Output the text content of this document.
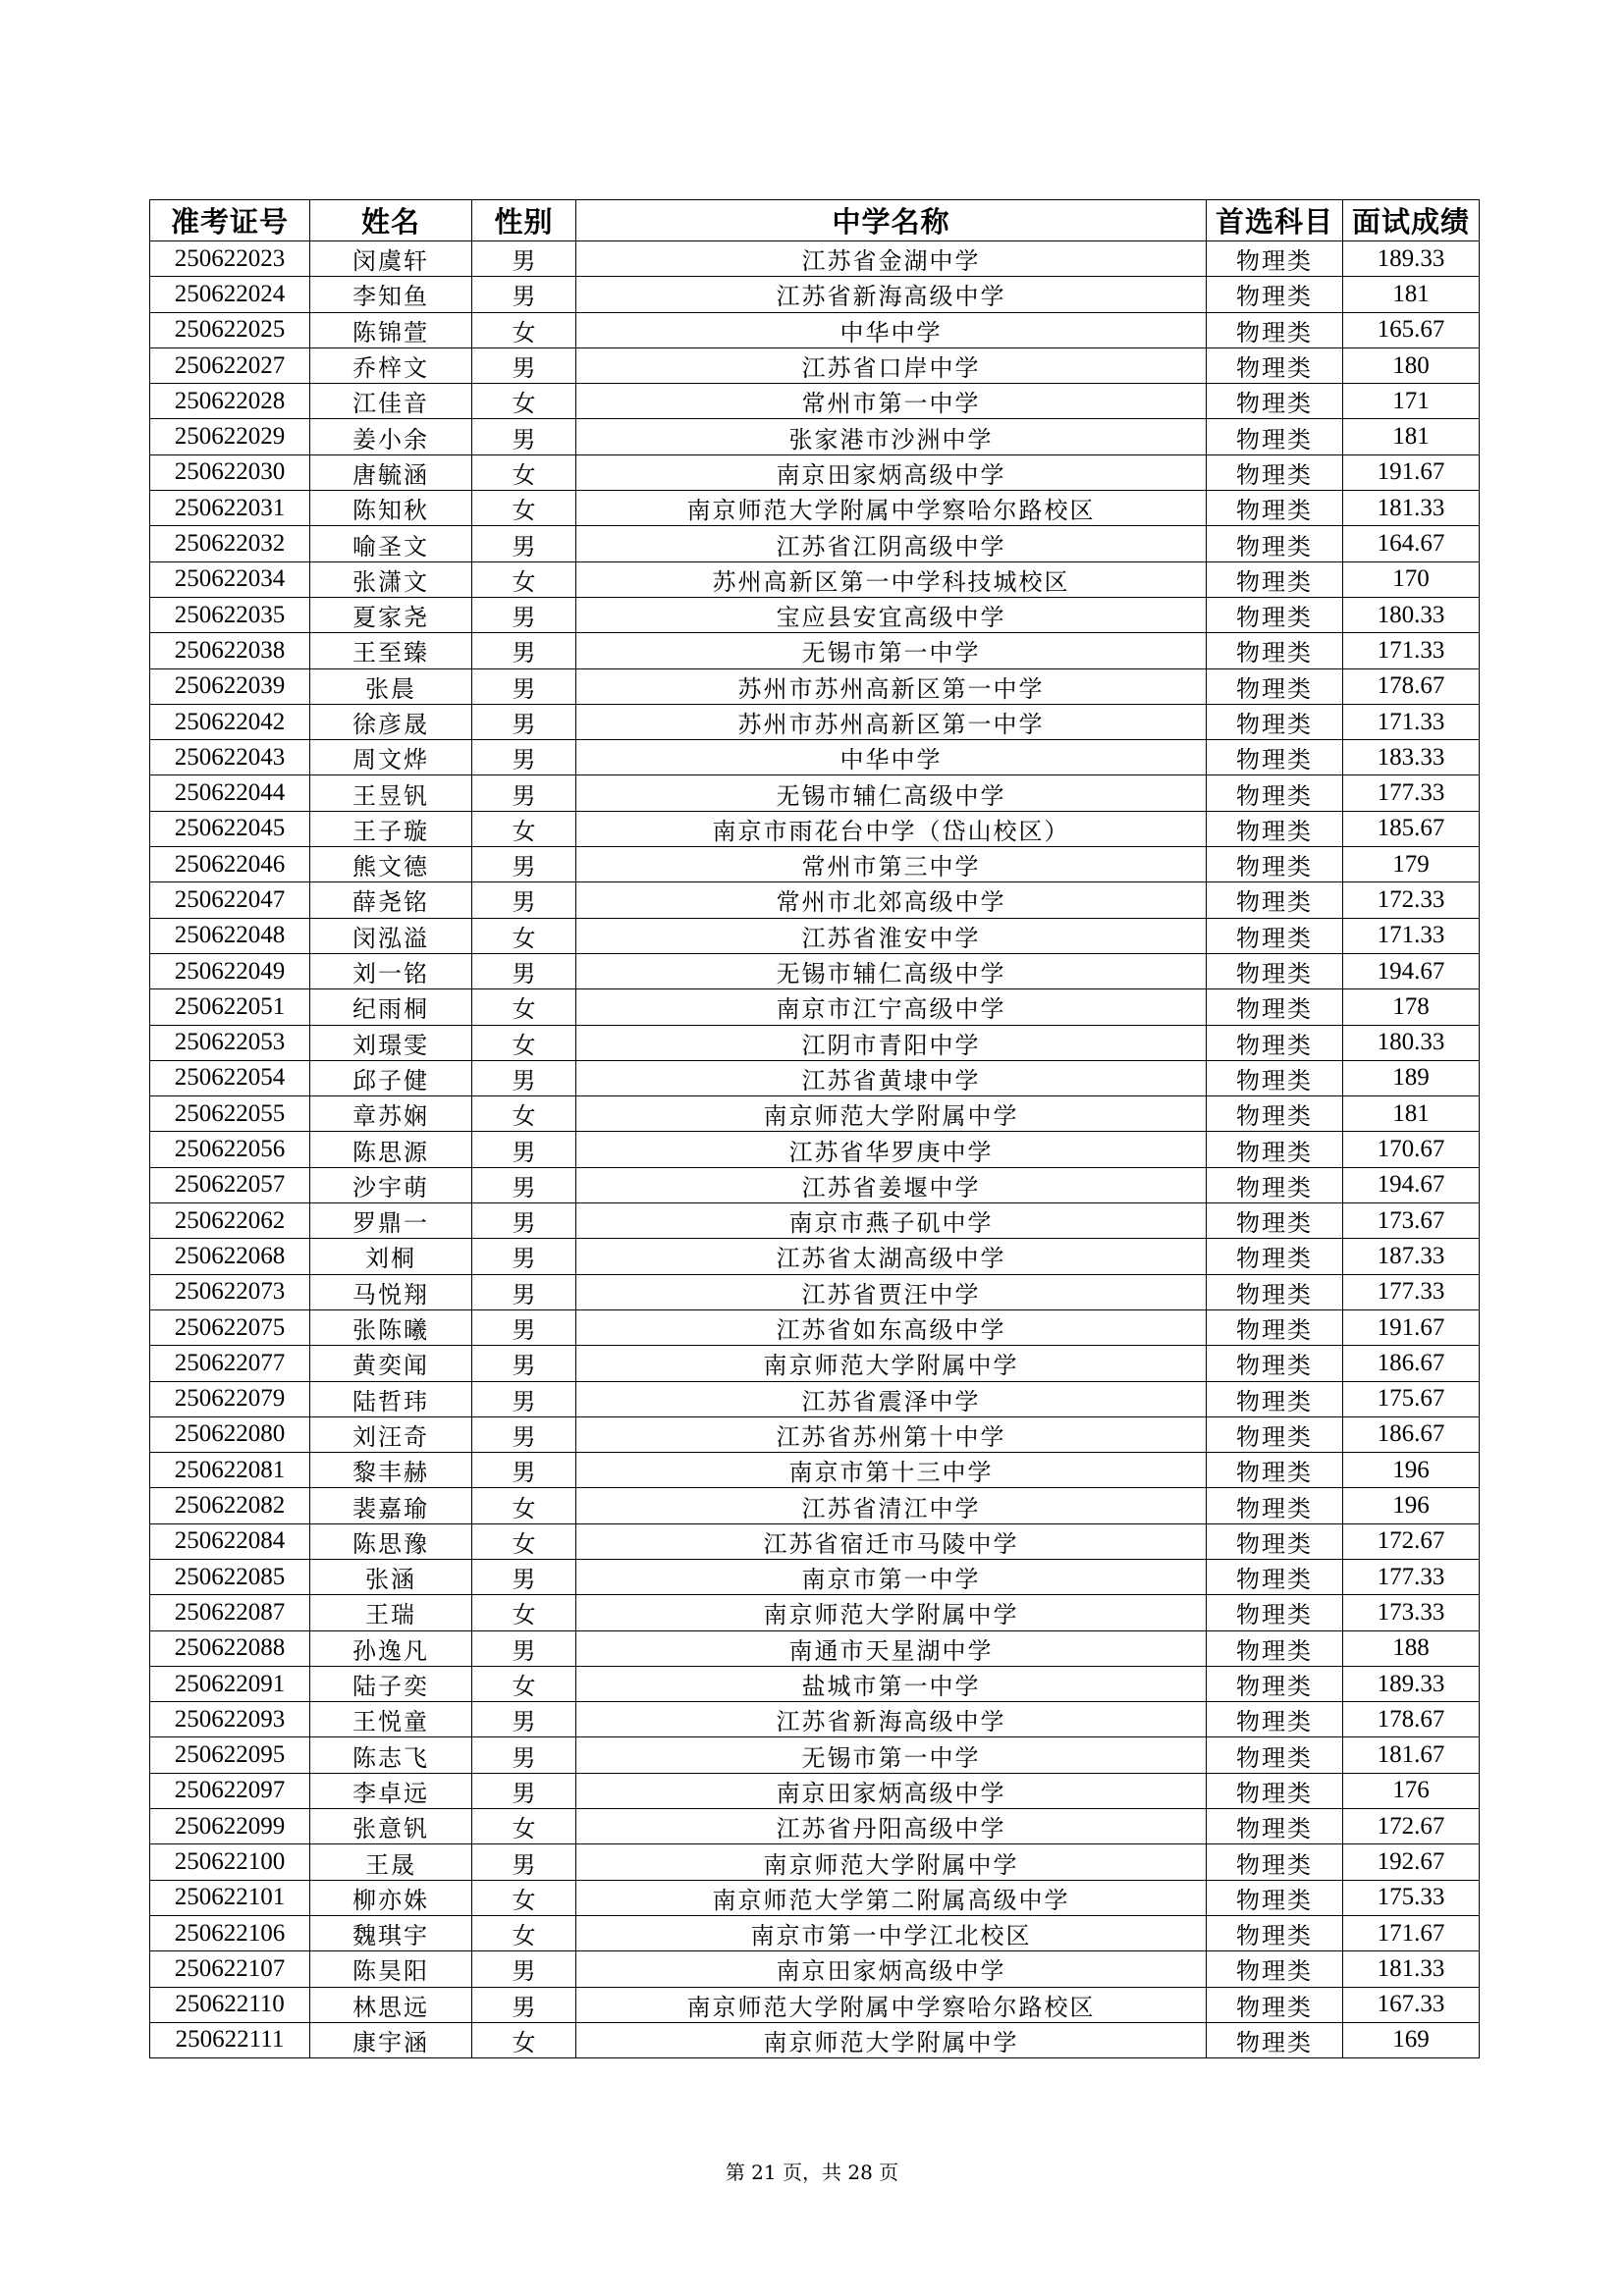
准考证号	姓名	性别	中学名称	首选科目	面试成绩
250622023	闵虞轩	男	江苏省金湖中学	物理类	189.33
250622024	李知鱼	男	江苏省新海高级中学	物理类	181
250622025	陈锦萱	女	中华中学	物理类	165.67
250622027	乔梓文	男	江苏省口岸中学	物理类	180
250622028	江佳音	女	常州市第一中学	物理类	171
250622029	姜小余	男	张家港市沙洲中学	物理类	181
250622030	唐毓涵	女	南京田家炳高级中学	物理类	191.67
250622031	陈知秋	女	南京师范大学附属中学察哈尔路校区	物理类	181.33
250622032	喻圣文	男	江苏省江阴高级中学	物理类	164.67
250622034	张潇文	女	苏州高新区第一中学科技城校区	物理类	170
250622035	夏家尧	男	宝应县安宜高级中学	物理类	180.33
250622038	王至臻	男	无锡市第一中学	物理类	171.33
250622039	张晨	男	苏州市苏州高新区第一中学	物理类	178.67
250622042	徐彦晟	男	苏州市苏州高新区第一中学	物理类	171.33
250622043	周文烨	男	中华中学	物理类	183.33
250622044	王昱钒	男	无锡市辅仁高级中学	物理类	177.33
250622045	王子璇	女	南京市雨花台中学（岱山校区）	物理类	185.67
250622046	熊文德	男	常州市第三中学	物理类	179
250622047	薛尧铭	男	常州市北郊高级中学	物理类	172.33
250622048	闵泓溢	女	江苏省淮安中学	物理类	171.33
250622049	刘一铭	男	无锡市辅仁高级中学	物理类	194.67
250622051	纪雨桐	女	南京市江宁高级中学	物理类	178
250622053	刘璟雯	女	江阴市青阳中学	物理类	180.33
250622054	邱子健	男	江苏省黄埭中学	物理类	189
250622055	章苏娴	女	南京师范大学附属中学	物理类	181
250622056	陈思源	男	江苏省华罗庚中学	物理类	170.67
250622057	沙宇萌	男	江苏省姜堰中学	物理类	194.67
250622062	罗鼎一	男	南京市燕子矶中学	物理类	173.67
250622068	刘桐	男	江苏省太湖高级中学	物理类	187.33
250622073	马悦翔	男	江苏省贾汪中学	物理类	177.33
250622075	张陈曦	男	江苏省如东高级中学	物理类	191.67
250622077	黄奕闻	男	南京师范大学附属中学	物理类	186.67
250622079	陆哲玮	男	江苏省震泽中学	物理类	175.67
250622080	刘汪奇	男	江苏省苏州第十中学	物理类	186.67
250622081	黎丰赫	男	南京市第十三中学	物理类	196
250622082	裴嘉瑜	女	江苏省清江中学	物理类	196
250622084	陈思豫	女	江苏省宿迁市马陵中学	物理类	172.67
250622085	张涵	男	南京市第一中学	物理类	177.33
250622087	王瑞	女	南京师范大学附属中学	物理类	173.33
250622088	孙逸凡	男	南通市天星湖中学	物理类	188
250622091	陆子奕	女	盐城市第一中学	物理类	189.33
250622093	王悦童	男	江苏省新海高级中学	物理类	178.67
250622095	陈志飞	男	无锡市第一中学	物理类	181.67
250622097	李卓远	男	南京田家炳高级中学	物理类	176
250622099	张意钒	女	江苏省丹阳高级中学	物理类	172.67
250622100	王晟	男	南京师范大学附属中学	物理类	192.67
250622101	柳亦姝	女	南京师范大学第二附属高级中学	物理类	175.33
250622106	魏琪宇	女	南京市第一中学江北校区	物理类	171.67
250622107	陈昊阳	男	南京田家炳高级中学	物理类	181.33
250622110	林思远	男	南京师范大学附属中学察哈尔路校区	物理类	167.33
250622111	康宇涵	女	南京师范大学附属中学	物理类	169
第 21 页，共 28 页
